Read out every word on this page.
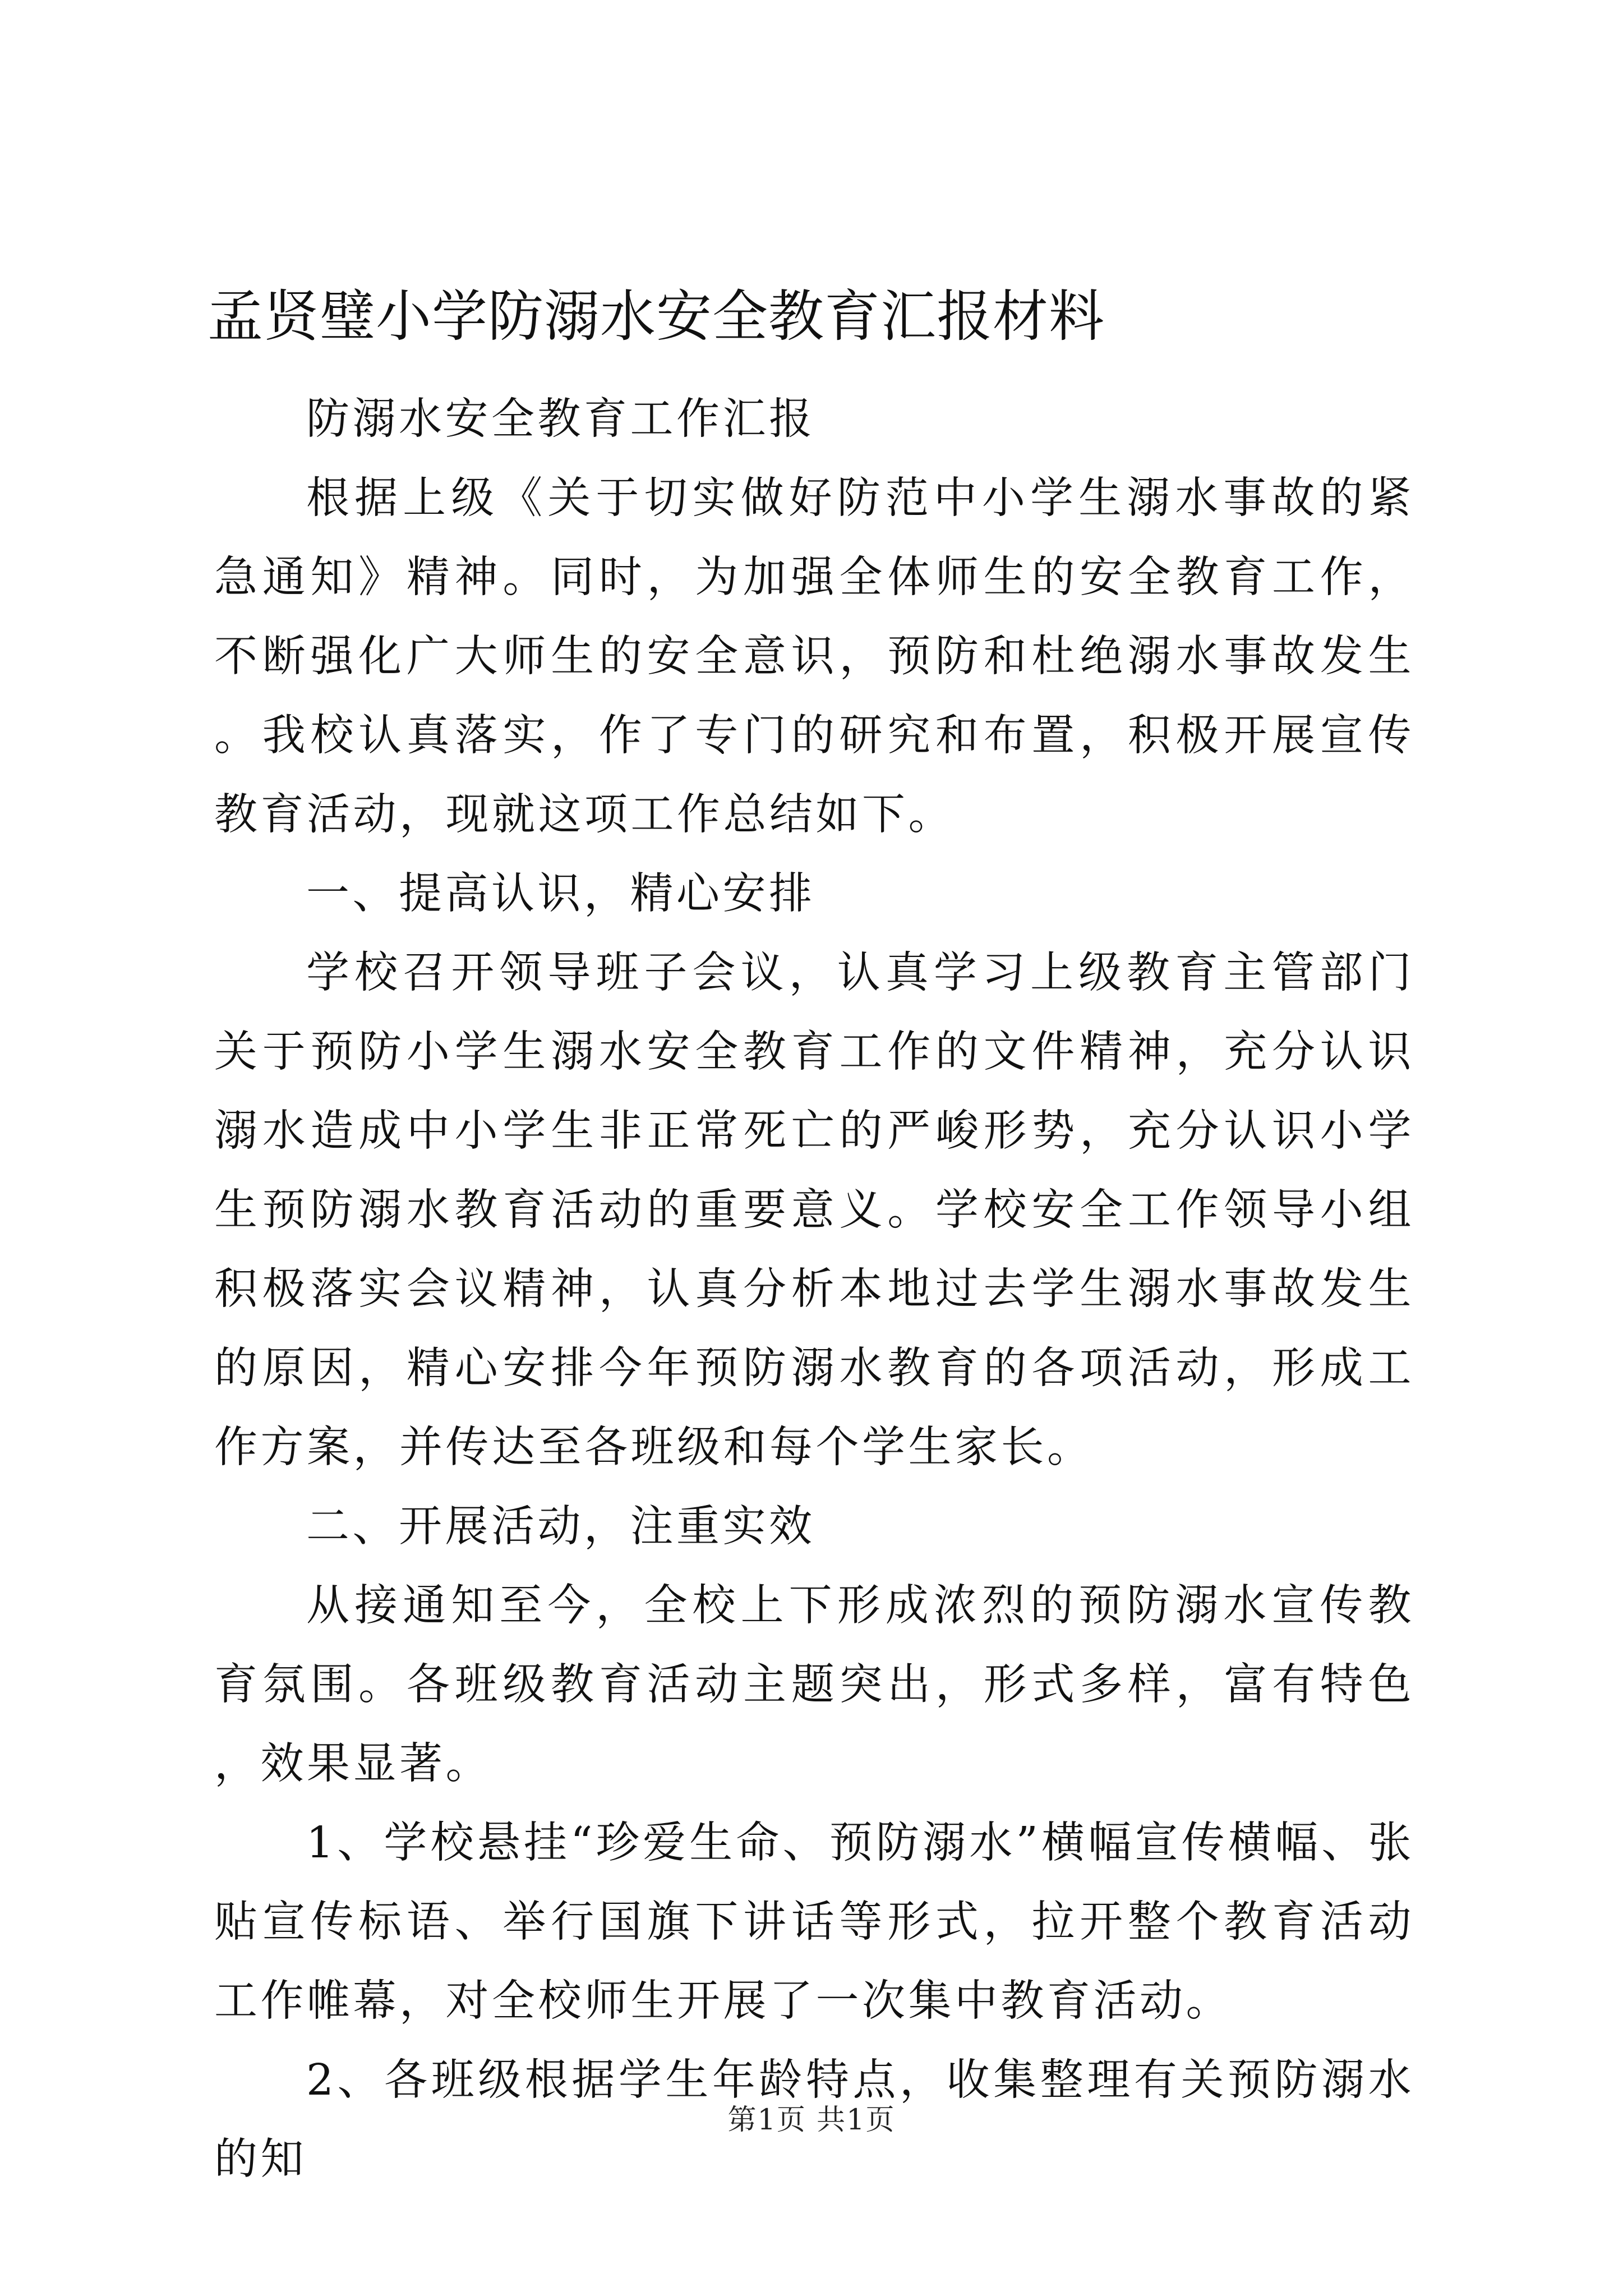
孟贤璧小学防溺水安全教育汇报材料

防溺水安全教育工作汇报

根据上级《关于切实做好防范中小学生溺水事故的紧急通知》精神。同时，为加强全体师生的安全教育工作，不断强化广大师生的安全意识，预防和杜绝溺水事故发生。我校认真落实，作了专门的研究和布置，积极开展宣传教育活动，现就这项工作总结如下。

一、提高认识，精心安排

学校召开领导班子会议，认真学习上级教育主管部门关于预防小学生溺水安全教育工作的文件精神，充分认识溺水造成中小学生非正常死亡的严峻形势，充分认识小学生预防溺水教育活动的重要意义。学校安全工作领导小组积极落实会议精神，认真分析本地过去学生溺水事故发生的原因，精心安排今年预防溺水教育的各项活动，形成工作方案，并传达至各班级和每个学生家长。

二、开展活动，注重实效

从接通知至今，全校上下形成浓烈的预防溺水宣传教育氛围。各班级教育活动主题突出，形式多样，富有特色，效果显著。

1、学校悬挂“珍爱生命、预防溺水”横幅宣传横幅、张贴宣传标语、举行国旗下讲话等形式，拉开整个教育活动工作帷幕，对全校师生开展了一次集中教育活动。

2、各班级根据学生年龄特点，收集整理有关预防溺水的知

第1页 共1页
